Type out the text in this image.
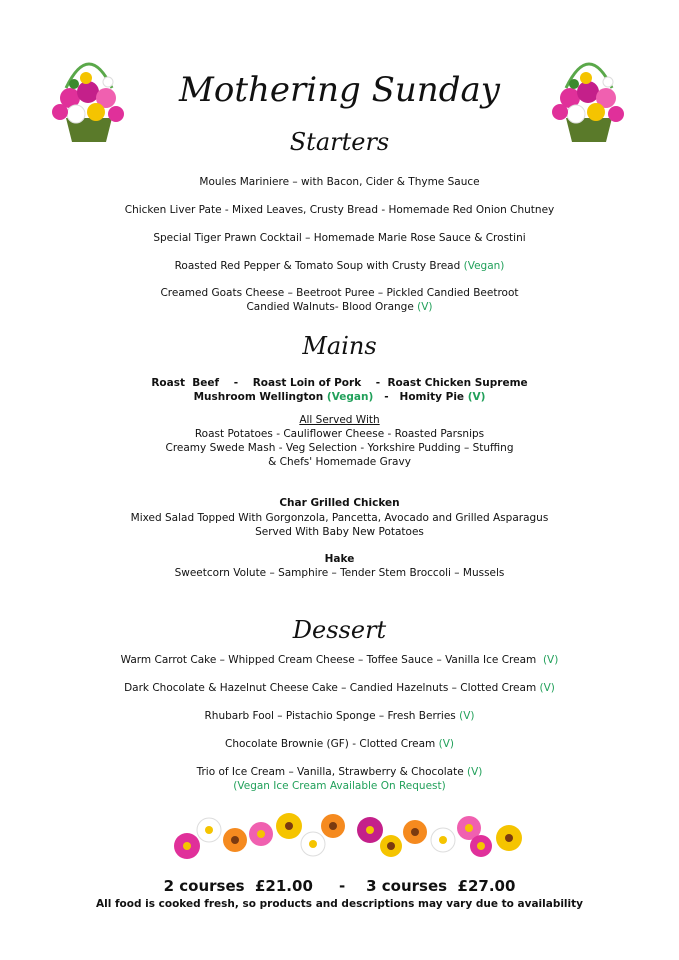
Mothering Sunday
Starters
Moules Mariniere – with Bacon, Cider & Thyme Sauce
Chicken Liver Pate - Mixed Leaves, Crusty Bread - Homemade Red Onion Chutney
Special Tiger Prawn Cocktail – Homemade Marie Rose Sauce & Crostini
Roasted Red Pepper & Tomato Soup with Crusty Bread (Vegan)
Creamed Goats Cheese – Beetroot Puree – Pickled Candied Beetroot
Candied Walnuts- Blood Orange (V)
Mains
Roast  Beef    -    Roast Loin of Pork    -  Roast Chicken Supreme
Mushroom Wellington (Vegan)   -   Homity Pie (V)
All Served With
Roast Potatoes - Cauliflower Cheese - Roasted Parsnips
Creamy Swede Mash - Veg Selection - Yorkshire Pudding – Stuffing
& Chefs' Homemade Gravy
Char Grilled Chicken
Mixed Salad Topped With Gorgonzola, Pancetta, Avocado and Grilled Asparagus
Served With Baby New Potatoes
Hake
Sweetcorn Volute – Samphire – Tender Stem Broccoli – Mussels
Dessert
Warm Carrot Cake – Whipped Cream Cheese – Toffee Sauce – Vanilla Ice Cream  (V)
Dark Chocolate & Hazelnut Cheese Cake – Candied Hazelnuts – Clotted Cream (V)
Rhubarb Fool – Pistachio Sponge – Fresh Berries (V)
Chocolate Brownie (GF) - Clotted Cream (V)
Trio of Ice Cream – Vanilla, Strawberry & Chocolate (V)
(Vegan Ice Cream Available On Request)
2 courses  £21.00     -    3 courses  £27.00
All food is cooked fresh, so products and descriptions may vary due to availability
